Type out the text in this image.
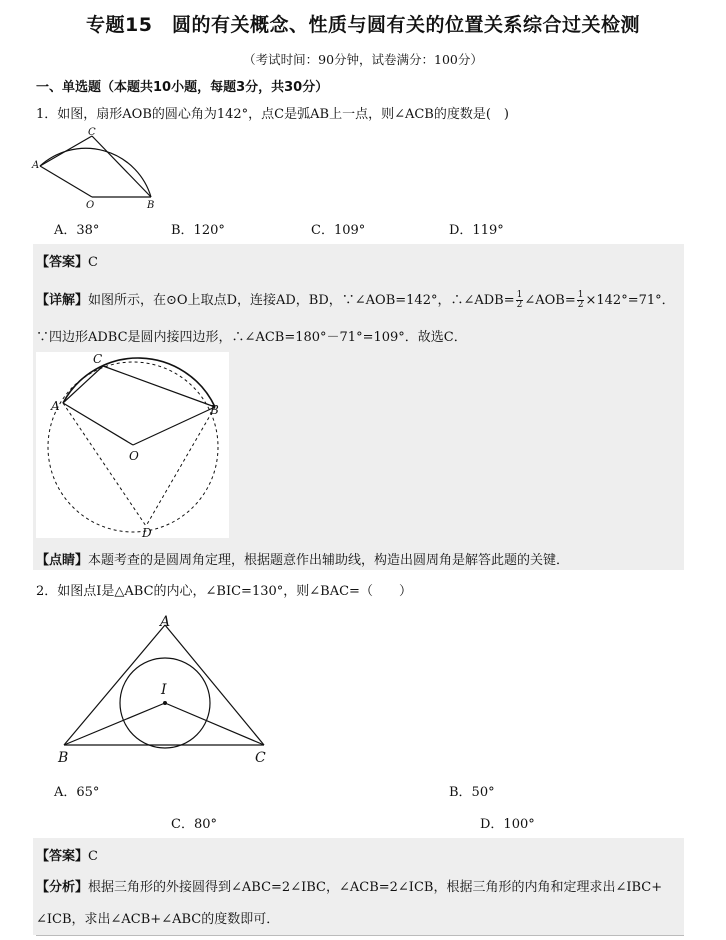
专题15　圆的有关概念、性质与圆有关的位置关系综合过关检测
（考试时间：90分钟，试卷满分：100分）
一、单选题（本题共10小题，每题3分，共30分）
1．如图，扇形AOB的圆心角为142°，点C是弧AB上一点，则∠ACB的度数是(　)
A
C
O	B
A．38°	B．120°	C．109°	D．119°
【答案】C
【详解】如图所示，在⊙O上取点D，连接AD，BD，∵∠AOB=142°，∴∠ADB= $\frac{1}{2}$ ∠AOB= $\frac{1}{2} \times 142^\circ=71^\circ$．
∵四边形ADBC是圆内接四边形，∴∠ACB=180°－71°=109°．故选C．
A
C
B
O
D
【点睛】本题考查的是圆周角定理，根据题意作出辅助线，构造出圆周角是解答此题的关键．
2．如图点I是△ABC的内心，∠BIC=130°，则∠BAC=（　　）
A
I
B	C
A．65°	B．50°
C．80°	D．100°
【答案】C
【分析】根据三角形的外接圆得到∠ABC=2∠IBC，∠ACB=2∠ICB，根据三角形的内角和定理求出∠IBC+
∠ICB，求出∠ACB+∠ABC的度数即可．
